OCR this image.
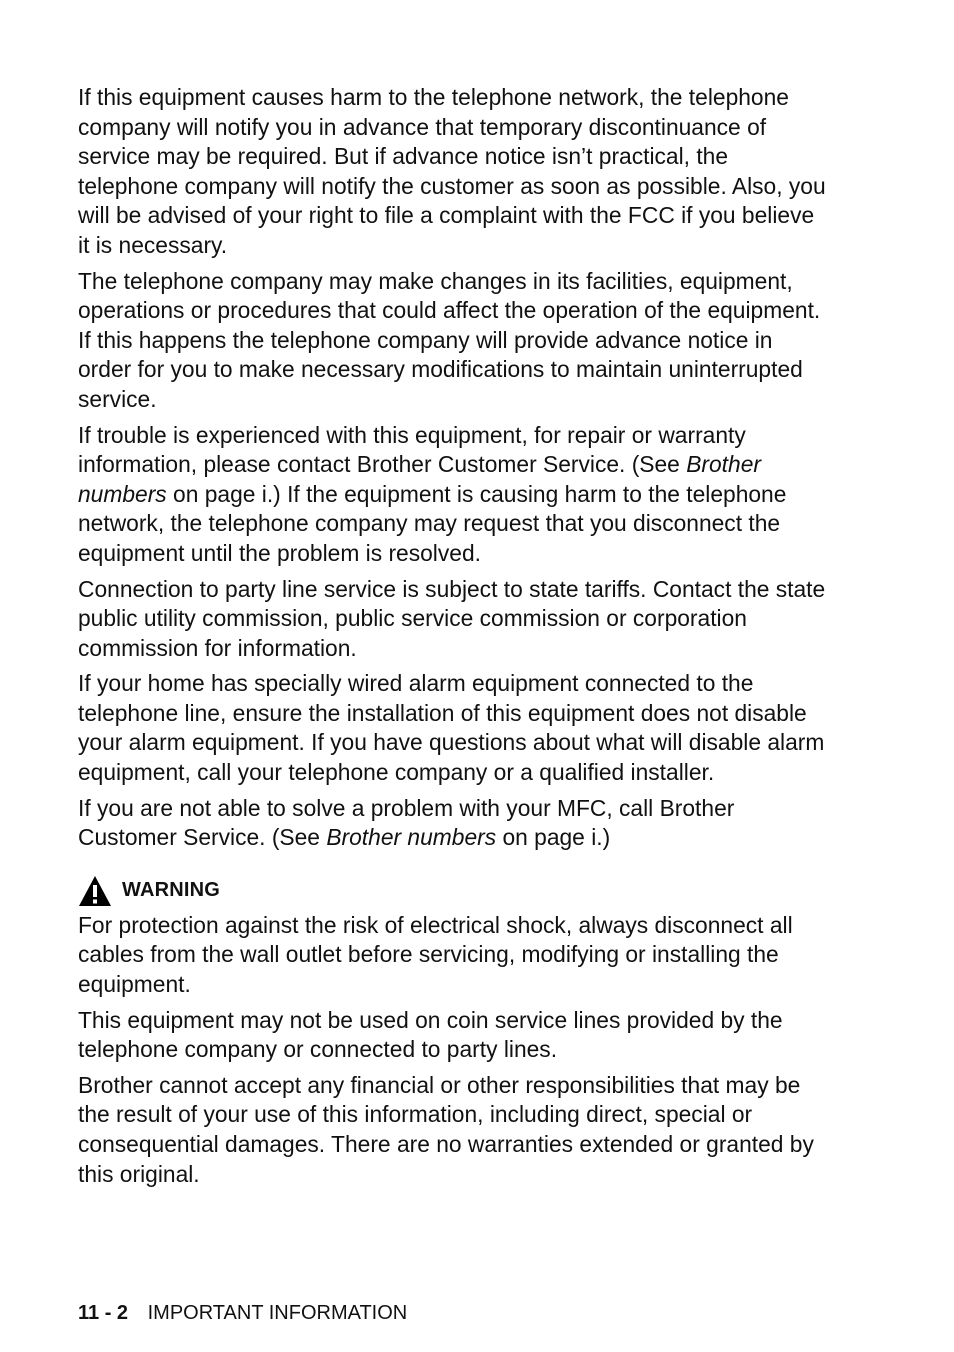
If this equipment causes harm to the telephone network, the telephone company will notify you in advance that temporary discontinuance of service may be required. But if advance notice isn’t practical, the telephone company will notify the customer as soon as possible. Also, you will be advised of your right to file a complaint with the FCC if you believe it is necessary.

The telephone company may make changes in its facilities, equipment, operations or procedures that could affect the operation of the equipment. If this happens the telephone company will provide advance notice in order for you to make necessary modifications to maintain uninterrupted service.

If trouble is experienced with this equipment, for repair or warranty information, please contact Brother Customer Service. (See Brother numbers on page i.) If the equipment is causing harm to the telephone network, the telephone company may request that you disconnect the equipment until the problem is resolved.

Connection to party line service is subject to state tariffs. Contact the state public utility commission, public service commission or corporation commission for information.

If your home has specially wired alarm equipment connected to the telephone line, ensure the installation of this equipment does not disable your alarm equipment. If you have questions about what will disable alarm equipment, call your telephone company or a qualified installer.

If you are not able to solve a problem with your MFC, call Brother Customer Service. (See Brother numbers on page i.)

WARNING

For protection against the risk of electrical shock, always disconnect all cables from the wall outlet before servicing, modifying or installing the equipment.

This equipment may not be used on coin service lines provided by the telephone company or connected to party lines.

Brother cannot accept any financial or other responsibilities that may be the result of your use of this information, including direct, special or consequential damages. There are no warranties extended or granted by this original.

11 - 2 IMPORTANT INFORMATION
